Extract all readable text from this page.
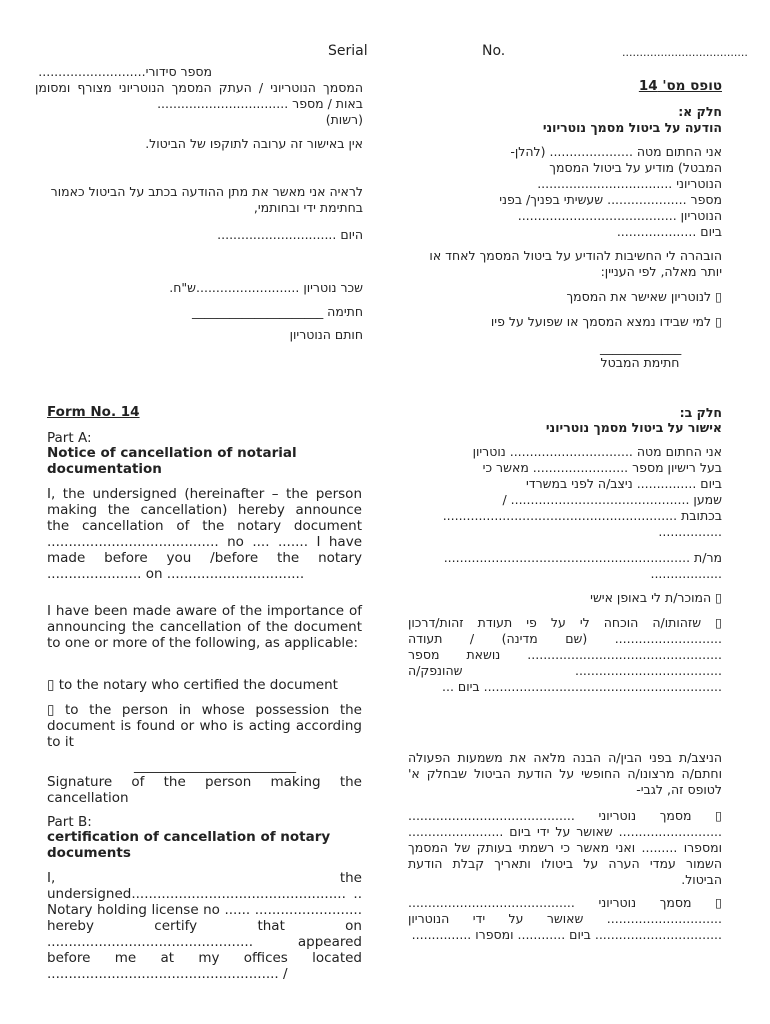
Serial	No.	....................................
מספר סידורי...........................

המסמך הנוטריוני / העתק המסמך הנוטריוני מצורף ומסומן באות / מספר .................................

(רשות)

אין באישור זה ערובה לתוקפו של הביטול.
לראיה אני מאשר את מתן ההודעה בכתב על הביטול כאמור בחתימת ידי ובחותמי,
היום ..............................
שכר נוטריון ..........................ש"ח.
חתימה _____________________
חותם הנוטריון
טופס מס' 14
חלק א:
הודעה על ביטול מסמך נוטריוני
אני החתום מטה ..................... (להלן-
המבטל) מודיע על ביטול המסמך
הנוטריוני ..................................
מספר .................... שעשיתי בפניך/ בפני
הנוטריון ........................................
ביום ....................
הובהרה לי החשיבות להודיע על ביטול המסמך לאחד או יותר מאלה, לפי העניין:
▯ לנוטריון שאישר את המסמך
▯ למי שבידו נמצא המסמך או שפועל על פיו
_____________
חתימת המבטל
חלק ב:
אישור על ביטול מסמך נוטריוני
אני החתום מטה ............................... נוטריון
בעל רישיון מספר ........................ מאשר כי
ביום ............... ניצב/ה לפני במשרדי
שמען ............................................. /
בכתובת ...........................................................
................
מר/ת ..............................................................
..................
▯ המוכר/ת לי באופן אישי
▯ שזהותו/ה הוכחה לי על פי תעודת זהות/דרכון ........................... (שם מדינה) / תעודה ................................................. נושאת מספר ..................................... שהונפק/ה ............................................................ ביום ...
הניצב/ת בפני הבין/ה הבנה מלאה את משמעות הפעולה וחתם/ה מרצונו/ה החופשי על הודעת הביטול שבחלק א' לטופס זה, לגבי-
▯ מסמך נוטריוני .......................................... .......................... שאושר על ידי ביום ........................ ומספרו ......... ואני מאשר כי רשמתי בעותק של המסמך השמור עמדי הערה על ביטולו ותאריך קבלת הודעת הביטול.
▯ מסמך נוטריוני .......................................... ............................. שאושר על ידי הנוטריון ................................ ביום ............ ומספרו ...............
Form No. 14
Part A:
Notice of cancellation of notarial documentation
I, the undersigned (hereinafter – the person making the cancellation) hereby announce the cancellation of the notary document ........................................ no .... ....... I have made before you /before the notary ...................... on ................................
I have been made aware of the importance of announcing the cancellation of the document to one or more of the following, as applicable:
▯ to the notary who certified the document
▯ to the person in whose possession the document is found or who is acting according to it
________________________
Signature of the person making the cancellation
Part B:
certification of cancellation of notary documents
I, the undersigned.................................................. .. Notary holding license no ...... ......................... hereby certify that on ................................................ appeared before me at my offices located ...................................................... /
